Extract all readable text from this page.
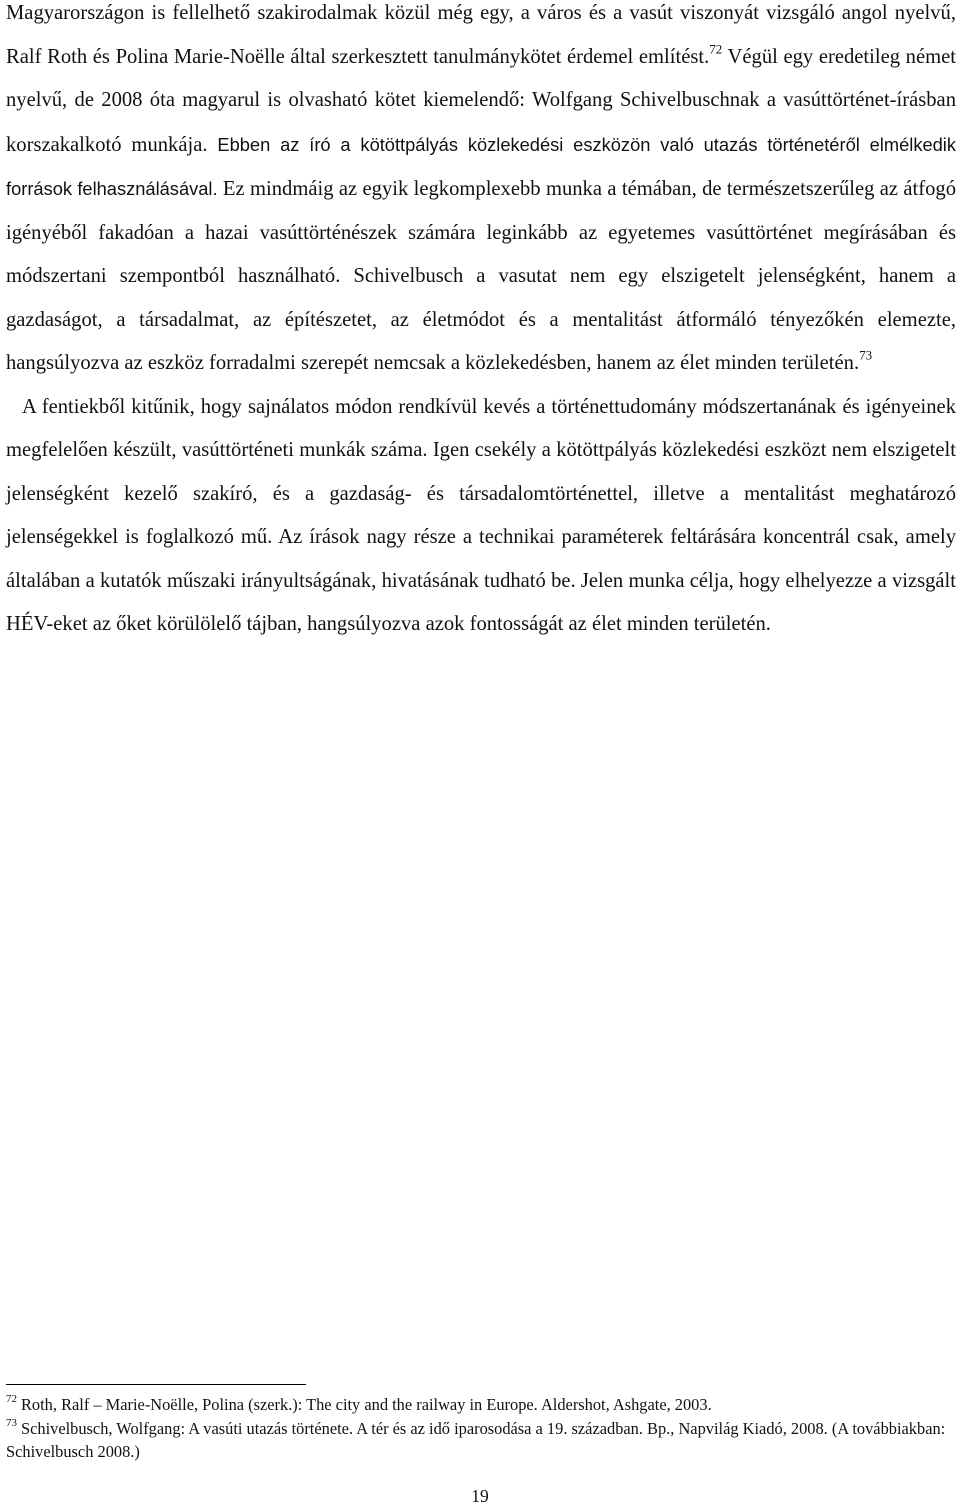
Magyarországon is fellelhető szakirodalmak közül még egy, a város és a vasút viszonyát vizsgáló angol nyelvű, Ralf Roth és Polina Marie-Noëlle által szerkesztett tanulmánykötet érdemel említést.$^{72}$ Végül egy eredetileg német nyelvű, de 2008 óta magyarul is olvasható kötet kiemelendő: Wolfgang Schivelbuschnak a vasúttörténet-írásban korszakalkotó munkája. Ebben az író a kötöttpályás közlekedési eszközön való utazás történetéről elmélkedik források felhasználásával. Ez mindmáig az egyik legkomplexebb munka a témában, de természetszerűleg az átfogó igényéből fakadóan a hazai vasúttörténészek számára leginkább az egyetemes vasúttörténet megírásában és módszertani szempontból használható. Schivelbusch a vasutat nem egy elszigetelt jelenségként, hanem a gazdaságot, a társadalmat, az építészetet, az életmódot és a mentalitást átformáló tényezőkén elemezte, hangsúlyozva az eszköz forradalmi szerepét nemcsak a közlekedésben, hanem az élet minden területén.$^{73}$

A fentiekből kitűnik, hogy sajnálatos módon rendkívül kevés a történettudomány módszertanának és igényeinek megfelelően készült, vasúttörténeti munkák száma. Igen csekély a kötöttpályás közlekedési eszközt nem elszigetelt jelenségként kezelő szakíró, és a gazdaság- és társadalomtörténettel, illetve a mentalitást meghatározó jelenségekkel is foglalkozó mű. Az írások nagy része a technikai paraméterek feltárására koncentrál csak, amely általában a kutatók műszaki irányultságának, hivatásának tudható be. Jelen munka célja, hogy elhelyezze a vizsgált HÉV-eket az őket körülölelő tájban, hangsúlyozva azok fontosságát az élet minden területén.

$^{72}$ Roth, Ralf – Marie-Noëlle, Polina (szerk.): The city and the railway in Europe. Aldershot, Ashgate, 2003.

$^{73}$ Schivelbusch, Wolfgang: A vasúti utazás története. A tér és az idő iparosodása a 19. században. Bp., Napvilág Kiadó, 2008. (A továbbiakban: Schivelbusch 2008.)

19
